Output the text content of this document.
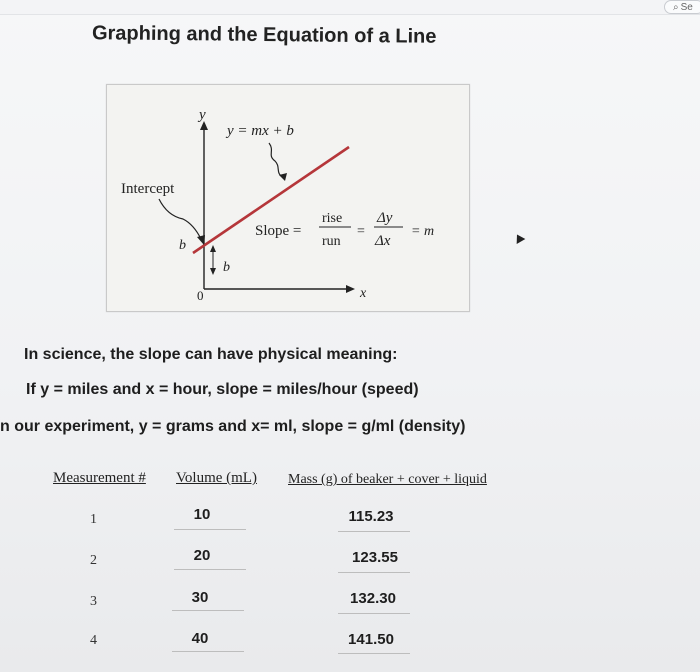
⌕ Se
Graphing and the Equation of a Line
y
x
y = mx + b
Intercept
b
b
0
Slope =
rise
run
=
Δy
Δx
= m
In science, the slope can have physical meaning:
If y = miles and x = hour, slope = miles/hour (speed)
n our experiment, y = grams and x= ml, slope = g/ml (density)
Measurement # Volume (mL) Mass (g) of beaker + cover + liquid
1	10	115.23
2	20	123.55
3	30	132.30
4	40	141.50
